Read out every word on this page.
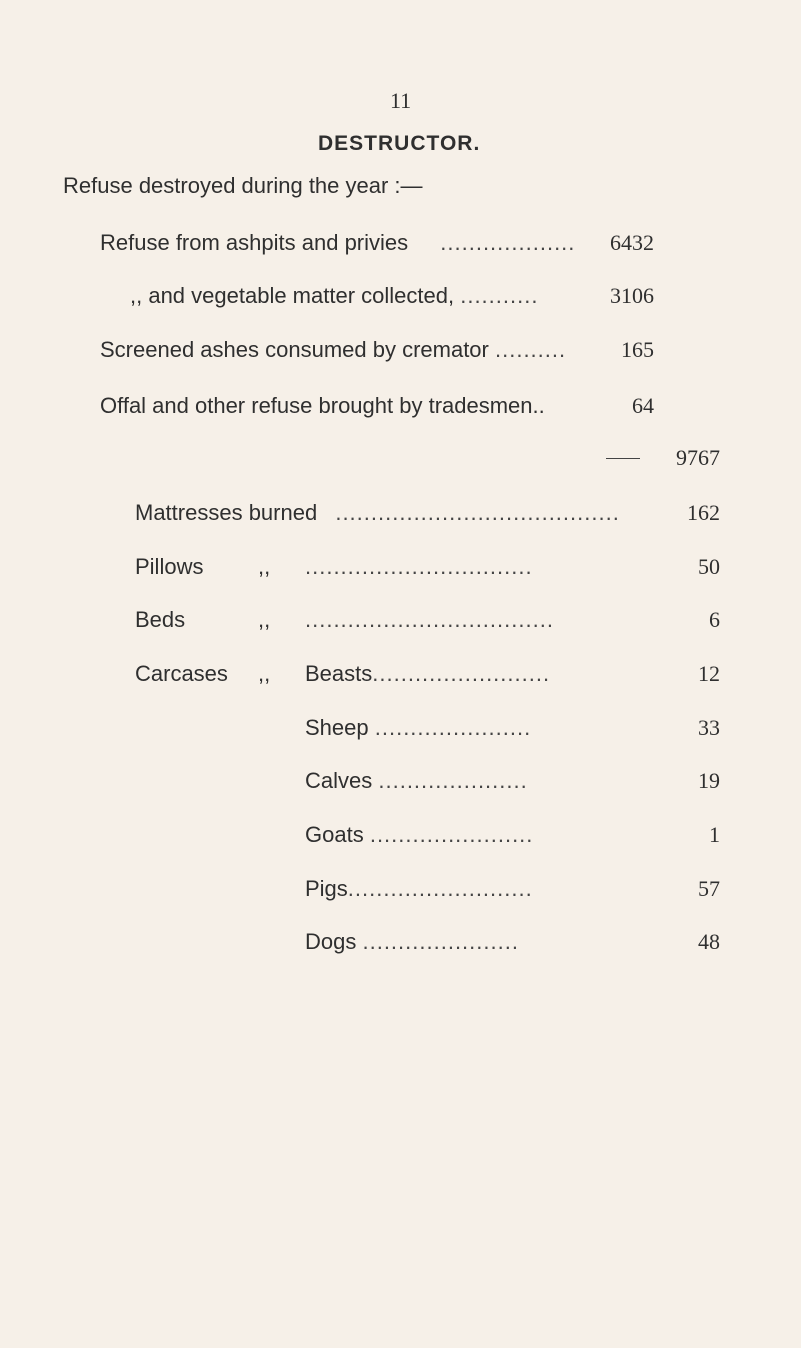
11
DESTRUCTOR.
Refuse destroyed during the year :—
Refuse from ashpits and privies ................... 6432
,, and vegetable matter collected, ...........	3106
Screened ashes consumed by cremator ..........	165
Offal and other refuse brought by tradesmen..	64
9767
Mattresses burned ........................................	162
Pillows ,, ................................	50
Beds	,, ...................................	6
Carcases ,, Beasts.........................	12
Sheep ......................	33
Calves .....................	19
Goats .......................	1
Pigs..........................	57
Dogs ......................	48
